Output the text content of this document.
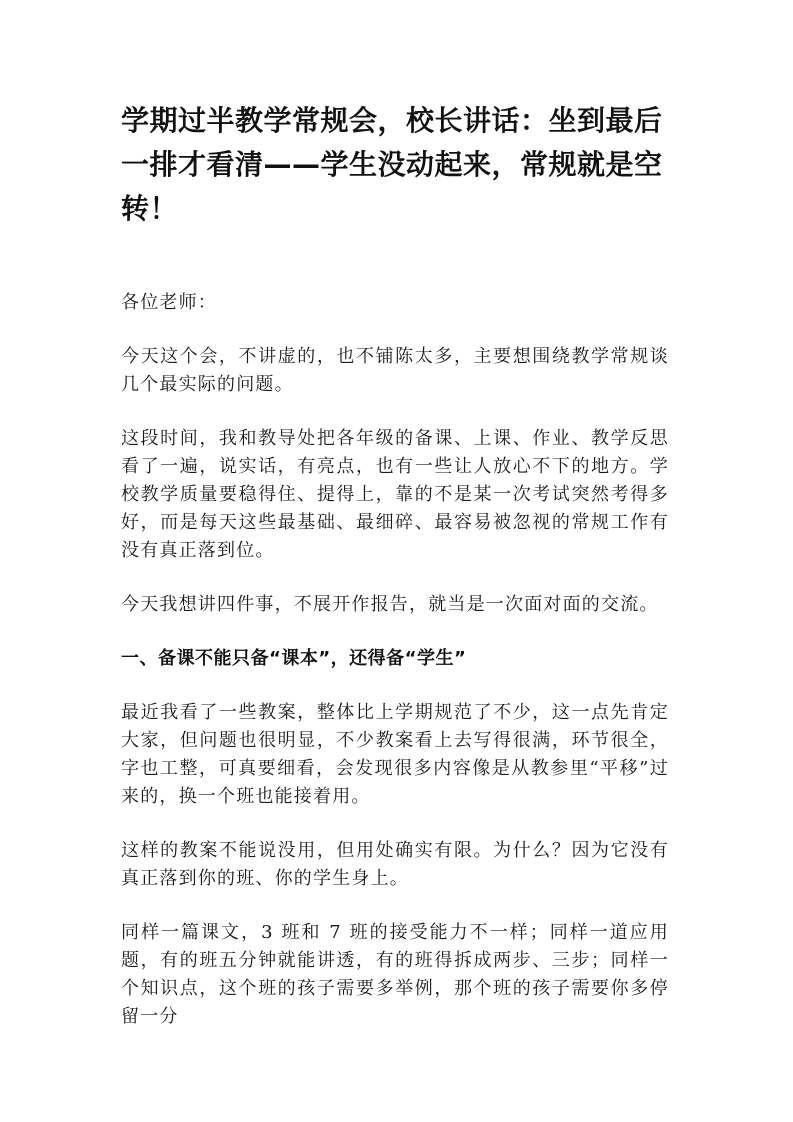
学期过半教学常规会，校长讲话：坐到最后一排才看清——学生没动起来，常规就是空转！

各位老师：

今天这个会，不讲虚的，也不铺陈太多，主要想围绕教学常规谈几个最实际的问题。

这段时间，我和教导处把各年级的备课、上课、作业、教学反思看了一遍，说实话，有亮点，也有一些让人放心不下的地方。学校教学质量要稳得住、提得上，靠的不是某一次考试突然考得多好，而是每天这些最基础、最细碎、最容易被忽视的常规工作有没有真正落到位。

今天我想讲四件事，不展开作报告，就当是一次面对面的交流。

一、备课不能只备“课本”，还得备“学生”

最近我看了一些教案，整体比上学期规范了不少，这一点先肯定大家，但问题也很明显，不少教案看上去写得很满，环节很全，字也工整，可真要细看，会发现很多内容像是从教参里“平移”过来的，换一个班也能接着用。

这样的教案不能说没用，但用处确实有限。为什么？因为它没有真正落到你的班、你的学生身上。

同样一篇课文，3 班和 7 班的接受能力不一样；同样一道应用题，有的班五分钟就能讲透，有的班得拆成两步、三步；同样一个知识点，这个班的孩子需要多举例，那个班的孩子需要你多停留一分
